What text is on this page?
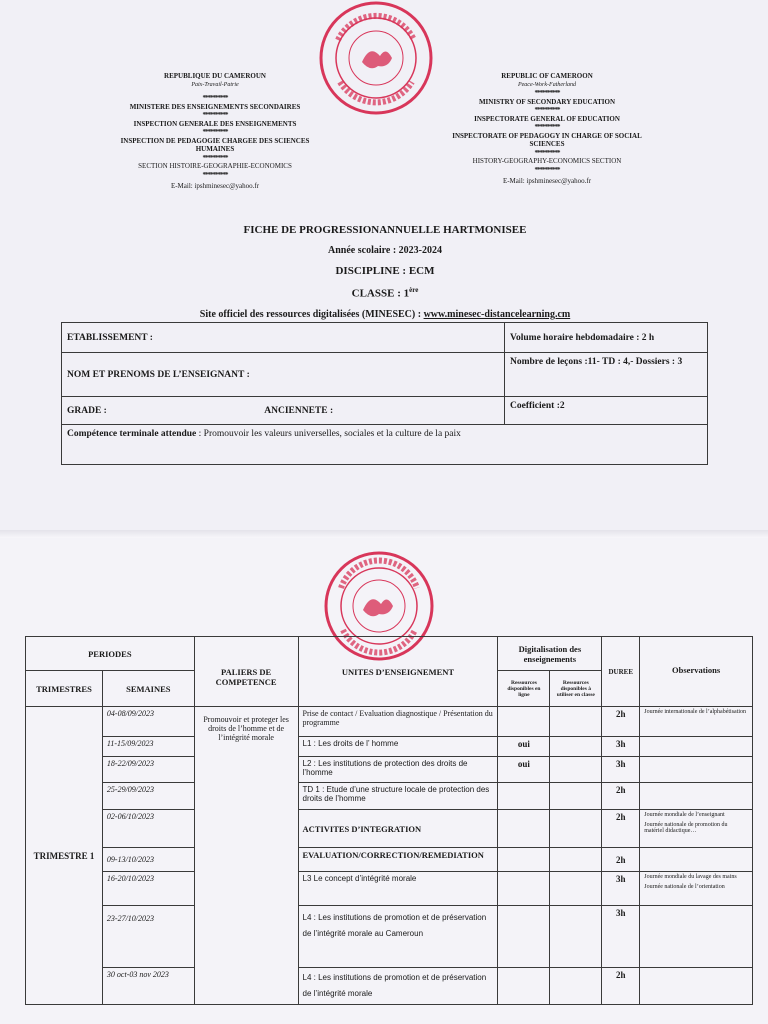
REPUBLIQUE DU CAMEROUN
Paix-Travail-Patrie
**********
MINISTERE DES ENSEIGNEMENTS SECONDAIRES
**********
INSPECTION GENERALE DES ENSEIGNEMENTS
**********
INSPECTION DE PEDAGOGIE CHARGEE DES SCIENCES HUMAINES
**********
SECTION HISTOIRE-GEOGRAPHIE-ECONOMICS
**********
E-Mail: ipshminesec@yahoo.fr
REPUBLIC OF CAMEROON
Peace-Work-Fatherland
**********
MINISTRY OF SECONDARY EDUCATION
**********
INSPECTORATE GENERAL OF EDUCATION
**********
INSPECTORATE OF PEDAGOGY IN CHARGE OF SOCIAL SCIENCES
**********
HISTORY-GEOGRAPHY-ECONOMICS SECTION
**********
E-Mail: ipshminesec@yahoo.fr
FICHE DE PROGRESSIONANNUELLE HARTMONISEE
Année scolaire : 2023-2024
DISCIPLINE : ECM
CLASSE : 1ère
Site officiel des ressources digitalisées (MINESEC) : www.minesec-distancelearning.cm
ETABLISSEMENT :	Volume horaire hebdomadaire : 2 h
NOM ET PRENOMS DE L’ENSEIGNANT :	Nombre de leçons :11- TD : 4,- Dossiers : 3
GRADE : ANCIENNETE :	Coefficient :2
Compétence terminale attendue : Promouvoir les valeurs universelles, sociales et la culture de la paix	
PERIODES		PALIERS DE COMPETENCE	UNITES D’ENSEIGNEMENT	Digitalisation des enseignements		DUREE	Observations
TRIMESTRES	SEMAINES			Ressources disponibles en ligne	Ressources disponibles à utiliser en classe		
TRIMESTRE 1	04-08/09/2023	Promouvoir et proteger les droits de l’homme et de l’intégrité morale	Prise de contact / Evaluation diagnostique / Présentation du programme			2h	Journée internationale de l’alphabétisation
	11-15/09/2023		L1 : Les droits de l’ homme	oui		3h	
	18-22/09/2023		L2 : Les institutions de protection des droits de l’homme	oui		3h	
	25-29/09/2023		TD 1 : Etude d’une structure locale de protection des droits de l’homme			2h	
	02-06/10/2023		ACTIVITES D’INTEGRATION			2h	Journée mondiale de l’enseignant
Journée nationale de promotion du matériel didactique…

	09-13/10/2023		EVALUATION/CORRECTION/REMEDIATION			2h	
	16-20/10/2023		L3 Le concept d’intégrité morale			3h	Journée mondiale du lavage des mains
Journée nationale de l’orientation

	23-27/10/2023		L4 : Les institutions de promotion et de préservation de l’intégrité morale au Cameroun			3h	
	30 oct-03 nov 2023		L4 : Les institutions de promotion et de préservation de l’intégrité morale			2h	
